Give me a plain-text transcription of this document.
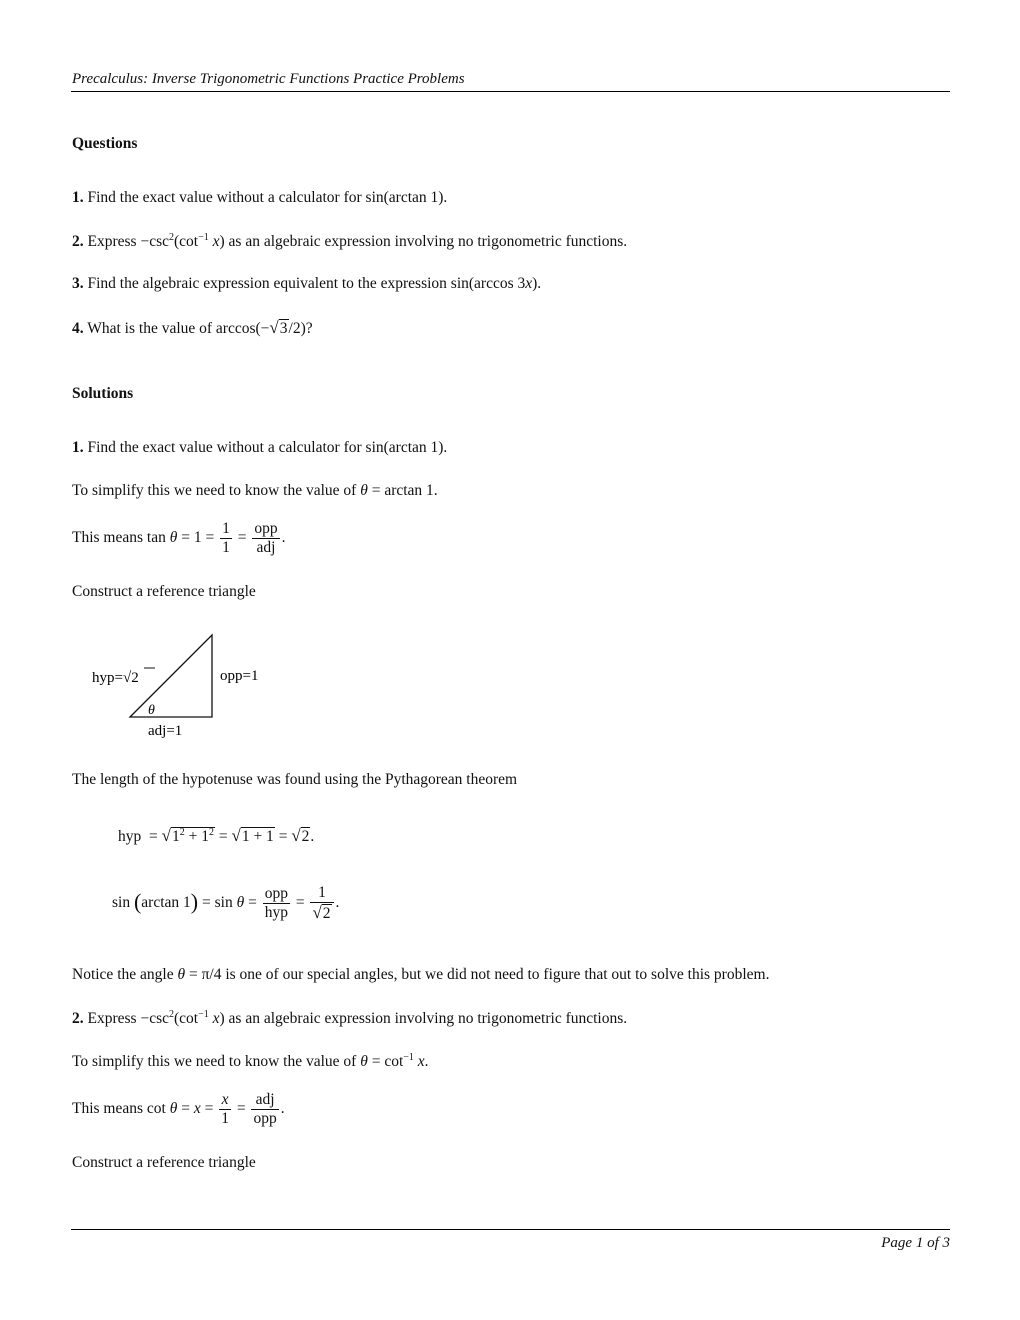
Precalculus: Inverse Trigonometric Functions Practice Problems
Questions
1. Find the exact value without a calculator for sin(arctan 1).
2. Express $-\csc^2(\cot^{-1}$ x) as an algebraic expression involving no trigonometric functions.
3. Find the algebraic expression equivalent to the expression sin(arccos 3x).
4. What is the value of arccos(−√3/2)?
Solutions
1. Find the exact value without a calculator for sin(arctan 1).
To simplify this we need to know the value of θ = arctan 1.
This means $\tan \theta = 1 = \frac{1}{1} = \frac{\text{opp}}{\text{adj}}$ .
Construct a reference triangle
θ
opp=1
adj=1
hyp=√2
The length of the hypotenuse was found using the Pythagorean theorem
hyp  = $√1^2 + 1^2 = √1 + 1 = √2$.
sin (arctan $1) = \sin \theta = \frac{\text{opp}}{\text{hyp}} = \frac{1}{√2}$ .
Notice the angle θ = π/4 is one of our special angles, but we did not need to figure that out to solve this problem.
2. Express $-\csc^2(\cot^{-1}$ x) as an algebraic expression involving no trigonometric functions.
To simplify this we need to know the value of $\theta = \cot^{-1} x$.
This means $\cot \theta = x = \frac{x}{1} = \frac{\text{adj}}{\text{opp}}$ .
Construct a reference triangle
Page 1 of 3
